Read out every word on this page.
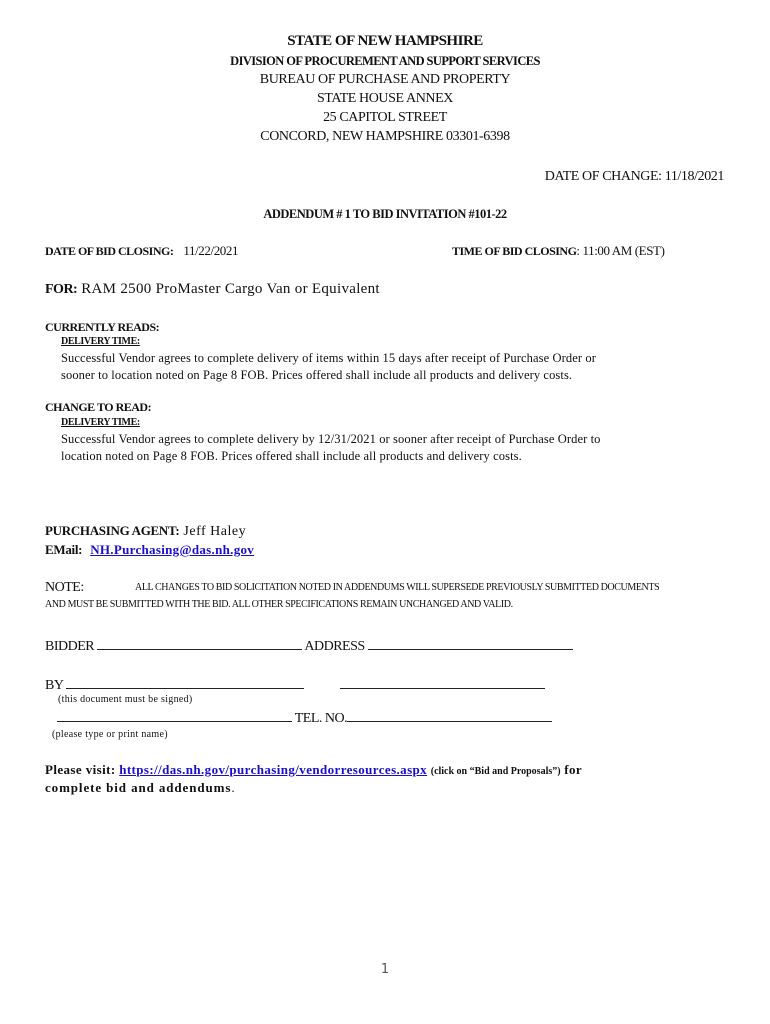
STATE OF NEW HAMPSHIRE
DIVISION OF PROCUREMENT AND SUPPORT SERVICES
BUREAU OF PURCHASE AND PROPERTY
STATE HOUSE ANNEX
25 CAPITOL STREET
CONCORD, NEW HAMPSHIRE 03301-6398
DATE OF CHANGE: 11/18/2021
ADDENDUM # 1 TO BID INVITATION #101-22
DATE OF BID CLOSING: 11/22/2021	TIME OF BID CLOSING: 11:00 AM (EST)
FOR: RAM 2500 ProMaster Cargo Van or Equivalent
CURRENTLY READS:
DELIVERY TIME:
Successful Vendor agrees to complete delivery of items within 15 days after receipt of Purchase Order or
sooner to location noted on Page 8 FOB. Prices offered shall include all products and delivery costs.
CHANGE TO READ:
DELIVERY TIME:
Successful Vendor agrees to complete delivery by 12/31/2021 or sooner after receipt of Purchase Order to
location noted on Page 8 FOB. Prices offered shall include all products and delivery costs.
PURCHASING AGENT: Jeff Haley
EMail: NH.Purchasing@das.nh.gov
NOTE:	ALL CHANGES TO BID SOLICITATION NOTED IN ADDENDUMS WILL SUPERSEDE PREVIOUSLY SUBMITTED DOCUMENTS
AND MUST BE SUBMITTED WITH THE BID. ALL OTHER SPECIFICATIONS REMAIN UNCHANGED AND VALID.
BIDDER	ADDRESS
BY
(this document must be signed)
TEL. NO.
(please type or print name)
Please visit: https://das.nh.gov/purchasing/vendorresources.aspx (click on “Bid and Proposals”) for
complete bid and addendums.
1
